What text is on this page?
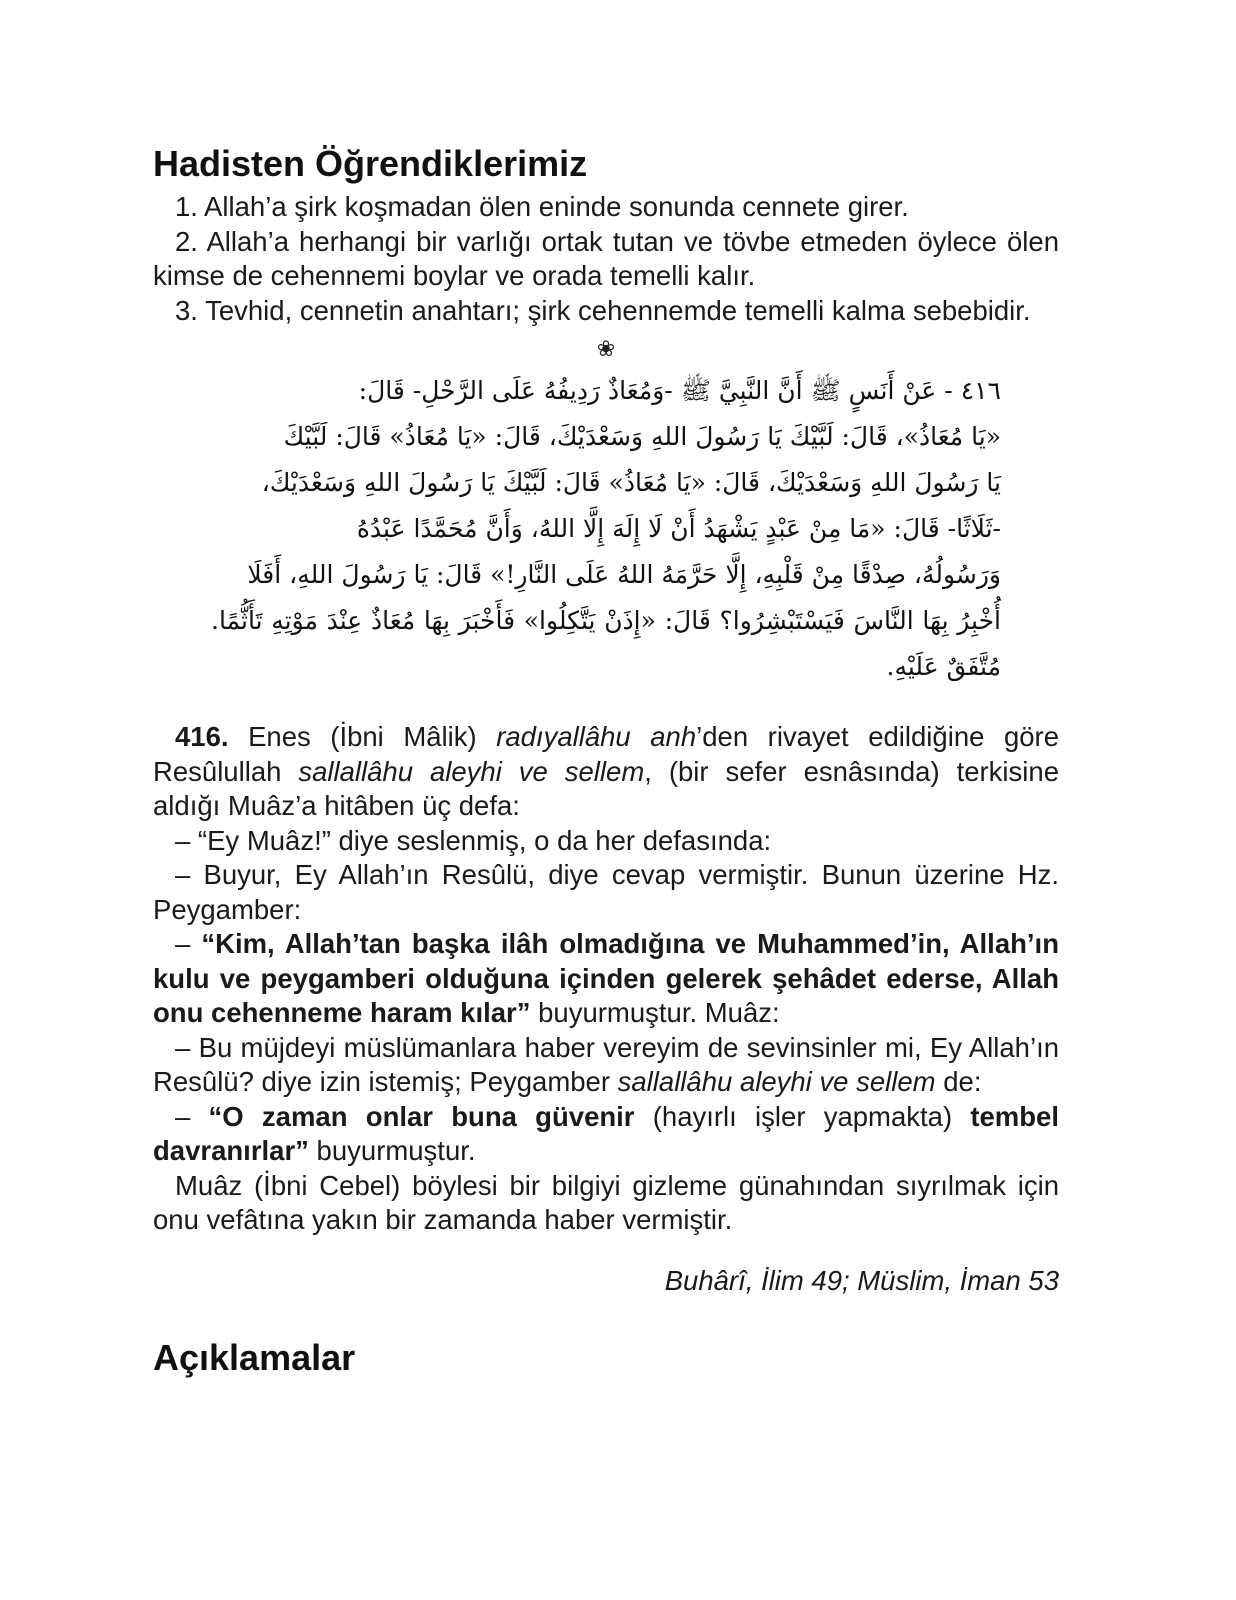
Hadisten Öğrendiklerimiz

1. Allah’a şirk koşmadan ölen eninde sonunda cennete girer.

2. Allah’a herhangi bir varlığı ortak tutan ve tövbe etmeden öylece ölen kimse de cehennemi boylar ve orada temelli kalır.

3. Tevhid, cennetin anahtarı; şirk cehennemde temelli kalma sebebidir.

❀
٤١٦ - عَنْ أَنَسٍ ﷺ أَنَّ النَّبِيَّ ﷺ -وَمُعَاذٌ رَدِيفُهُ عَلَى الرَّحْلِ- قَالَ:
«يَا مُعَاذُ»، قَالَ: لَبَّيْكَ يَا رَسُولَ اللهِ وَسَعْدَيْكَ، قَالَ: «يَا مُعَاذُ» قَالَ: لَبَّيْكَ
يَا رَسُولَ اللهِ وَسَعْدَيْكَ، قَالَ: «يَا مُعَاذُ» قَالَ: لَبَّيْكَ يَا رَسُولَ اللهِ وَسَعْدَيْكَ،
-ثَلَاثًا- قَالَ: «مَا مِنْ عَبْدٍ يَشْهَدُ أَنْ لَا إِلَهَ إِلَّا اللهُ، وَأَنَّ مُحَمَّدًا عَبْدُهُ
وَرَسُولُهُ، صِدْقًا مِنْ قَلْبِهِ، إِلَّا حَرَّمَهُ اللهُ عَلَى النَّارِ!» قَالَ: يَا رَسُولَ اللهِ، أَفَلَا
أُخْبِرُ بِهَا النَّاسَ فَيَسْتَبْشِرُوا؟ قَالَ: «إِذَنْ يَتَّكِلُوا» فَأَخْبَرَ بِهَا مُعَاذٌ عِنْدَ مَوْتِهِ تَأَثُّمًا. مُتَّفَقٌ عَلَيْهِ.

416. Enes (İbni Mâlik) radıyallâhu anh’den rivayet edildiğine göre Resûlullah sallallâhu aleyhi ve sellem, (bir sefer esnâsında) terkisine aldığı Muâz’a hitâben üç defa:

– “Ey Muâz!” diye seslenmiş, o da her defasında:

– Buyur, Ey Allah’ın Resûlü, diye cevap vermiştir. Bunun üzerine Hz. Peygamber:

– “Kim, Allah’tan başka ilâh olmadığına ve Muhammed’in, Allah’ın kulu ve peygamberi olduğuna içinden gelerek şehâdet ederse, Allah onu cehenneme haram kılar” buyurmuştur. Muâz:

– Bu müjdeyi müslümanlara haber vereyim de sevinsinler mi, Ey Allah’ın Resûlü? diye izin istemiş; Peygamber sallallâhu aleyhi ve sellem de:

– “O zaman onlar buna güvenir (hayırlı işler yapmakta) tembel davranırlar” buyurmuştur.

Muâz (İbni Cebel) böylesi bir bilgiyi gizleme günahından sıyrılmak için onu vefâtına yakın bir zamanda haber vermiştir.

Buhârî, İlim 49; Müslim, İman 53
Açıklamalar
